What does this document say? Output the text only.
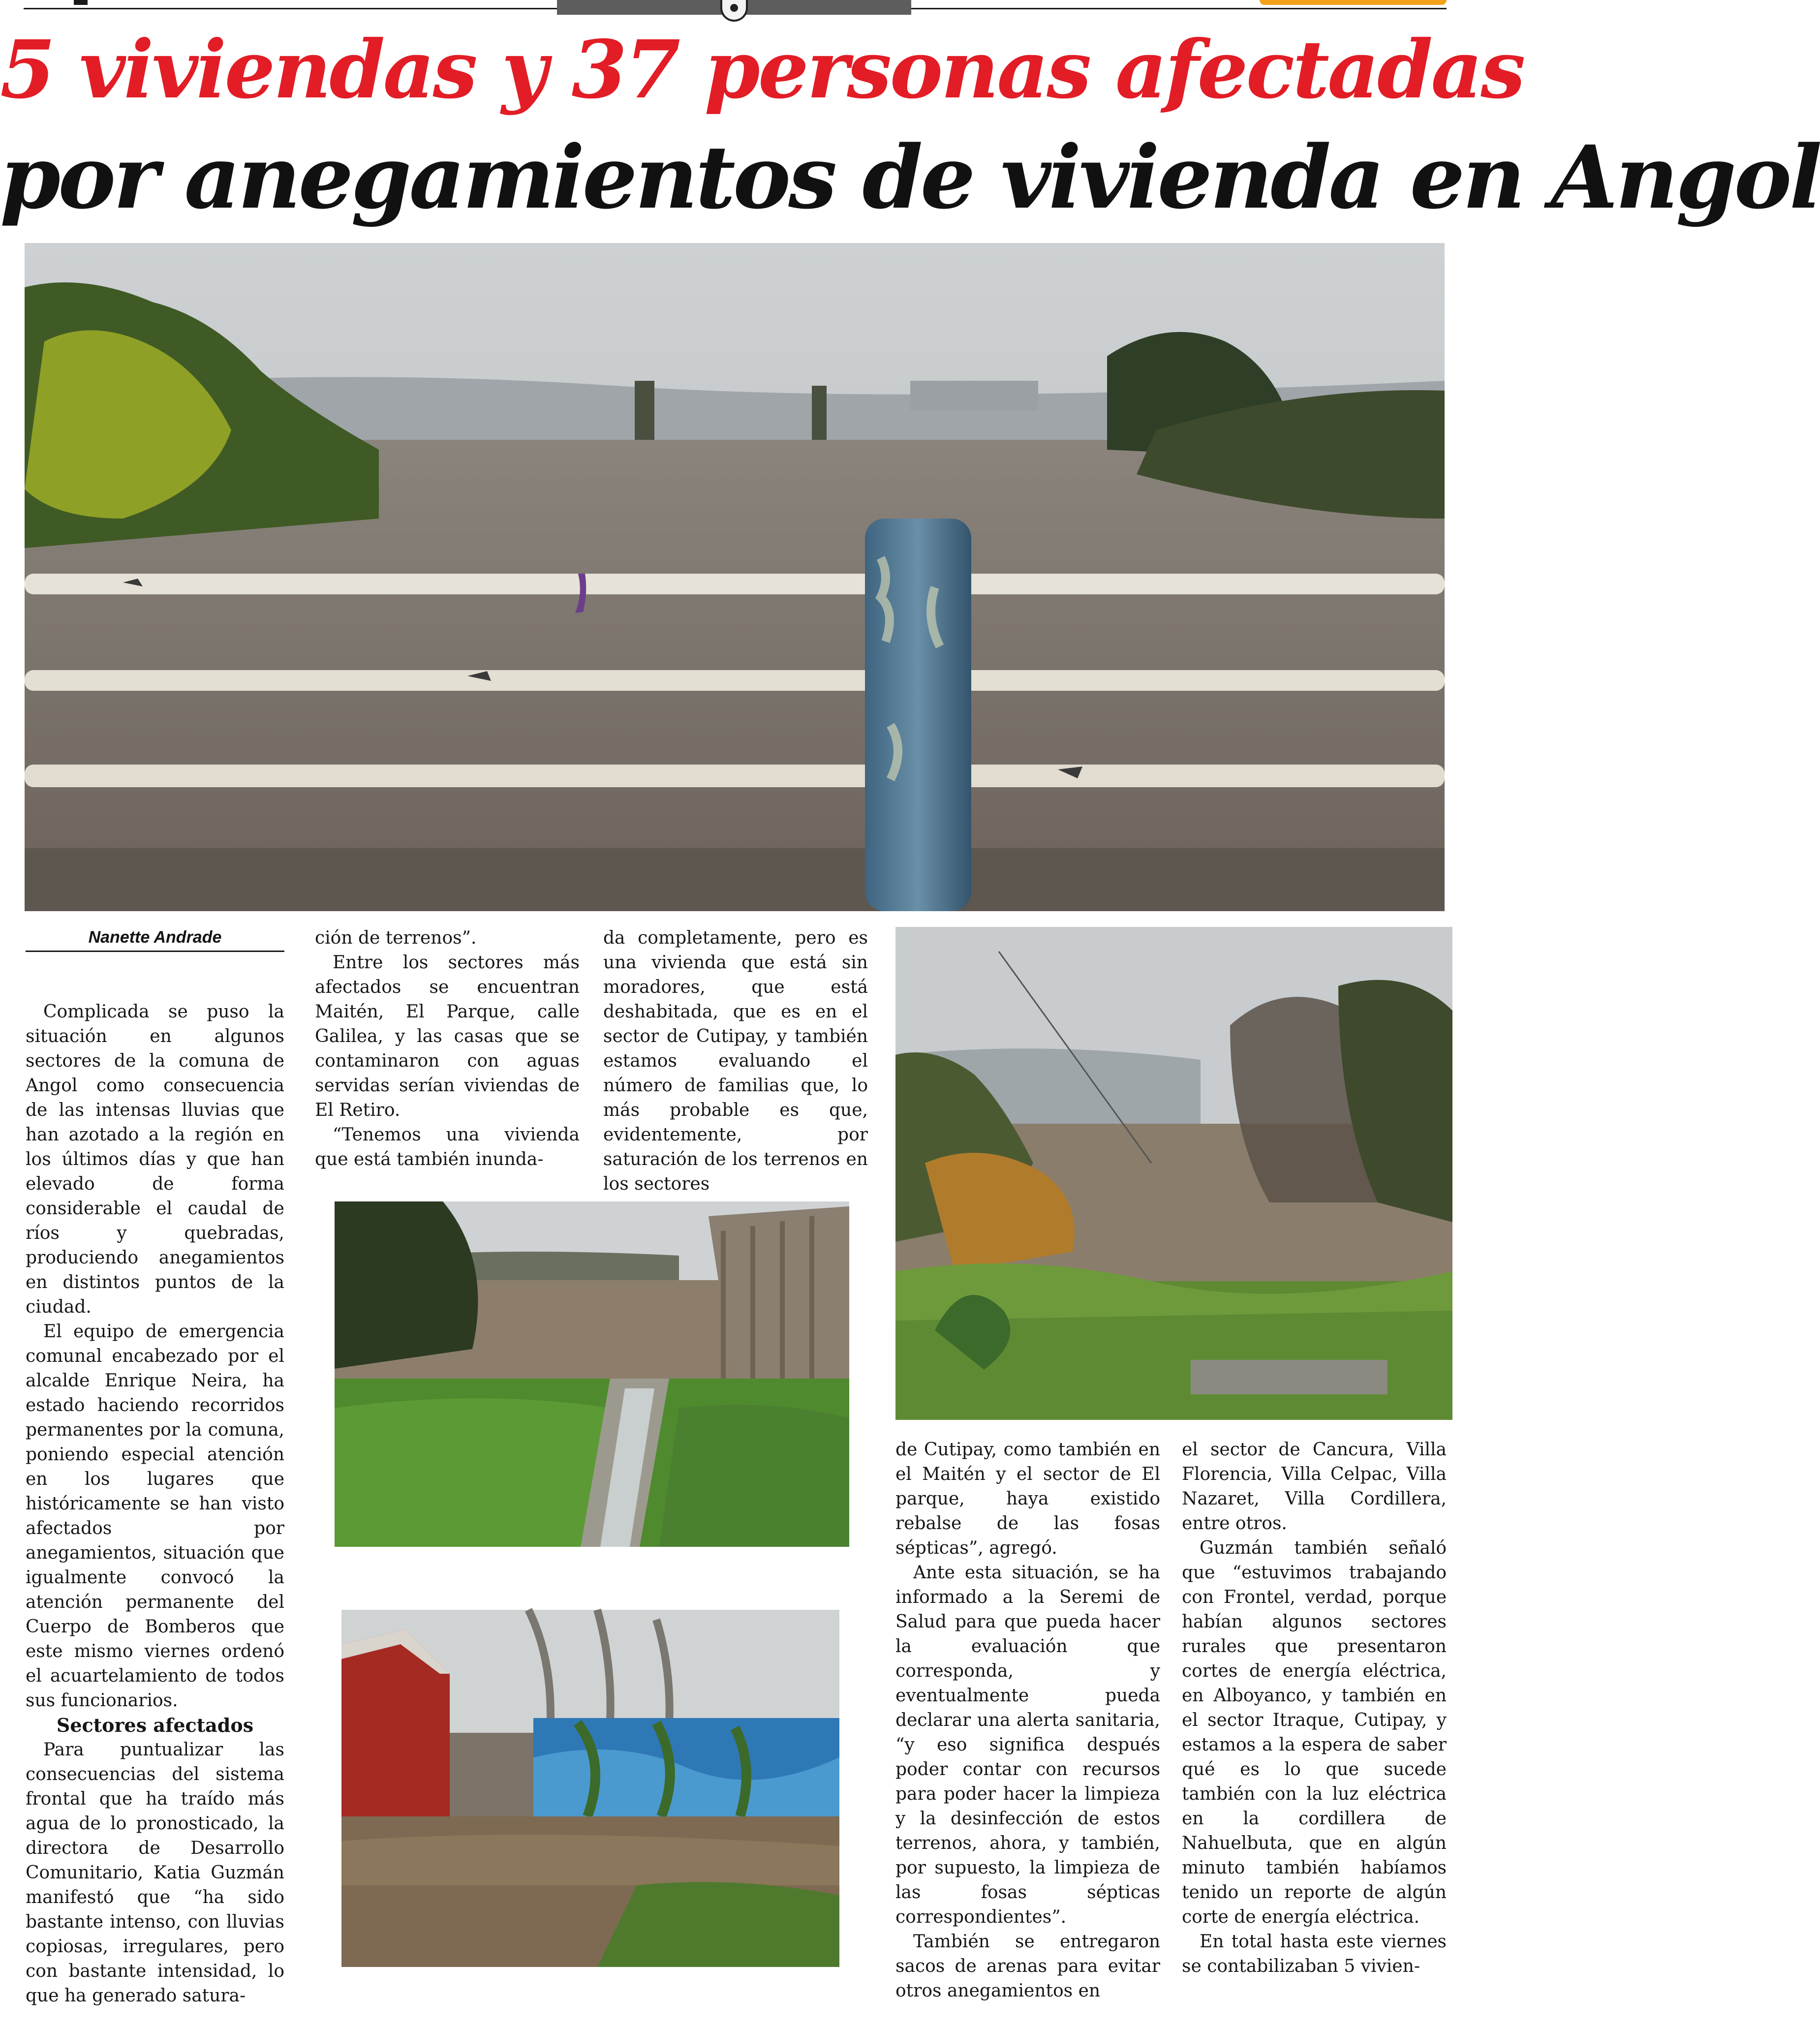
5 viviendas y 37 personas afectadas
por anegamientos de vivienda en Angol
Nanette Andrade

Complicada se puso la situación en algunos sectores de la comuna de Angol como consecuencia de las intensas lluvias que han azotado a la región en los últimos días y que han elevado de forma considerable el caudal de ríos y quebradas, produciendo anegamientos en distintos puntos de la ciudad.

El equipo de emergencia comunal encabezado por el alcalde Enrique Neira, ha estado haciendo recorridos permanentes por la comuna, poniendo especial atención en los lugares que históricamente se han visto afectados por anegamientos, situación que igualmente convocó la atención permanente del Cuerpo de Bomberos que este mismo viernes ordenó el acuartelamiento de todos sus funcionarios.

Sectores afectados

Para puntualizar las consecuencias del sistema frontal que ha traído más agua de lo pronosticado, la directora de Desarrollo Comunitario, Katia Guzmán manifestó que “ha sido bastante intenso, con lluvias copiosas, irregulares, pero con bastante intensidad, lo que ha generado satura-

ción de terrenos”.

Entre los sectores más afectados se encuentran Maitén, El Parque, calle Galilea, y las casas que se contaminaron con aguas servidas serían viviendas de El Retiro.

“Tenemos una vivienda que está también inunda-

da completamente, pero es una vivienda que está sin moradores, que está deshabitada, que es en el sector de Cutipay, y también estamos evaluando el número de familias que, lo más probable es que, evidentemente, por saturación de los terrenos en los sectores

de Cutipay, como también en el Maitén y el sector de El parque, haya existido rebalse de las fosas sépticas”, agregó.

Ante esta situación, se ha informado a la Seremi de Salud para que pueda hacer la evaluación que corresponda, y eventualmente pueda declarar una alerta sanitaria, “y eso significa después poder contar con recursos para poder hacer la limpieza y la desinfección de estos terrenos, ahora, y también, por supuesto, la limpieza de las fosas sépticas correspondientes”.

También se entregaron sacos de arenas para evitar otros anegamientos en

el sector de Cancura, Villa Florencia, Villa Celpac, Villa Nazaret, Villa Cordillera, entre otros.

Guzmán también señaló que “estuvimos trabajando con Frontel, verdad, porque habían algunos sectores rurales que presentaron cortes de energía eléctrica, en Alboyanco, y también en el sector Itraque, Cutipay, y estamos a la espera de saber qué es lo que sucede también con la luz eléctrica en la cordillera de Nahuelbuta, que en algún minuto también habíamos tenido un reporte de algún corte de energía eléctrica.

En total hasta este viernes se contabilizaban 5 vivien-
